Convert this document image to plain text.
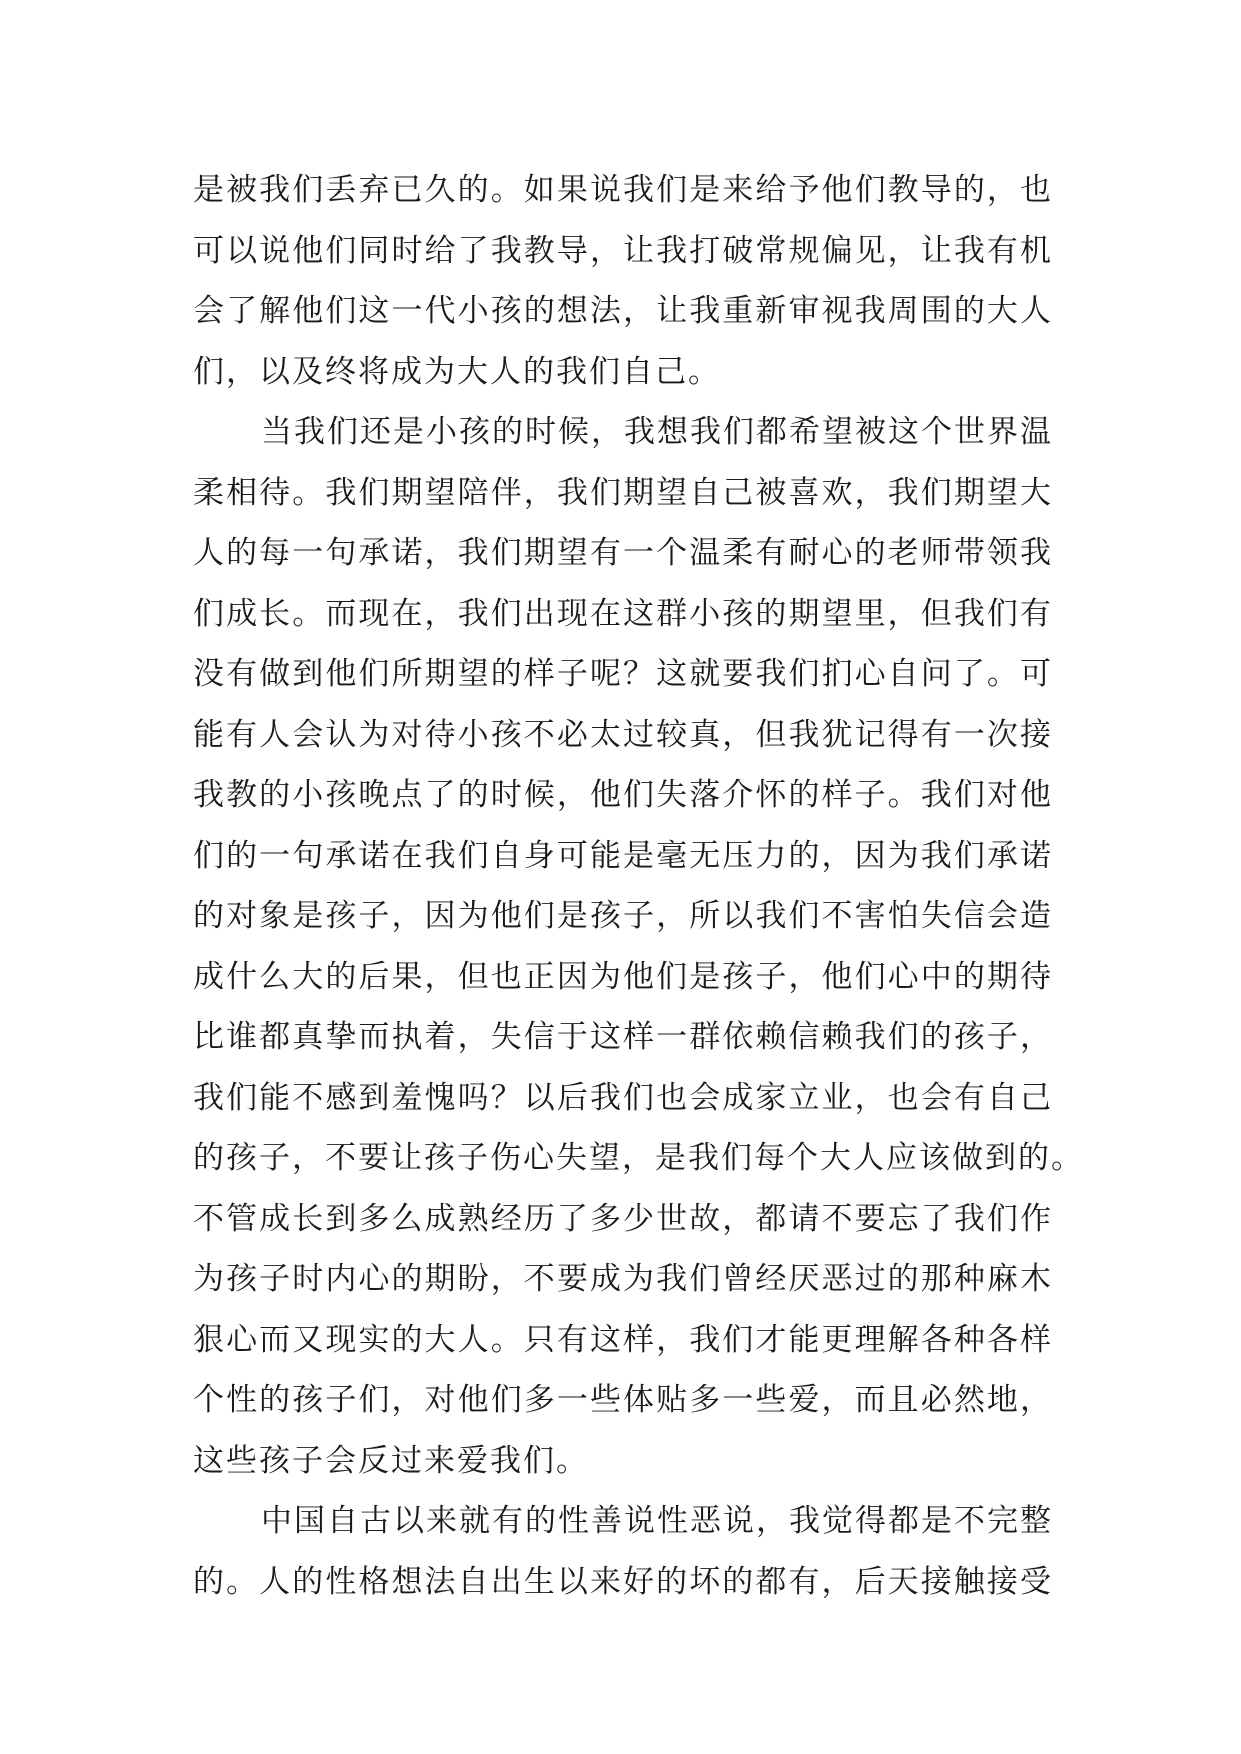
是被我们丢弃已久的。如果说我们是来给予他们教导的，也
可以说他们同时给了我教导，让我打破常规偏见，让我有机
会了解他们这一代小孩的想法，让我重新审视我周围的大人
们，以及终将成为大人的我们自己。
当我们还是小孩的时候，我想我们都希望被这个世界温
柔相待。我们期望陪伴，我们期望自己被喜欢，我们期望大
人的每一句承诺，我们期望有一个温柔有耐心的老师带领我
们成长。而现在，我们出现在这群小孩的期望里，但我们有
没有做到他们所期望的样子呢？这就要我们扪心自问了。可
能有人会认为对待小孩不必太过较真，但我犹记得有一次接
我教的小孩晚点了的时候，他们失落介怀的样子。我们对他
们的一句承诺在我们自身可能是毫无压力的，因为我们承诺
的对象是孩子，因为他们是孩子，所以我们不害怕失信会造
成什么大的后果，但也正因为他们是孩子，他们心中的期待
比谁都真挚而执着，失信于这样一群依赖信赖我们的孩子，
我们能不感到羞愧吗？以后我们也会成家立业，也会有自己
的孩子，不要让孩子伤心失望，是我们每个大人应该做到的。
不管成长到多么成熟经历了多少世故，都请不要忘了我们作
为孩子时内心的期盼，不要成为我们曾经厌恶过的那种麻木
狠心而又现实的大人。只有这样，我们才能更理解各种各样
个性的孩子们，对他们多一些体贴多一些爱，而且必然地，
这些孩子会反过来爱我们。
中国自古以来就有的性善说性恶说，我觉得都是不完整
的。人的性格想法自出生以来好的坏的都有，后天接触接受
